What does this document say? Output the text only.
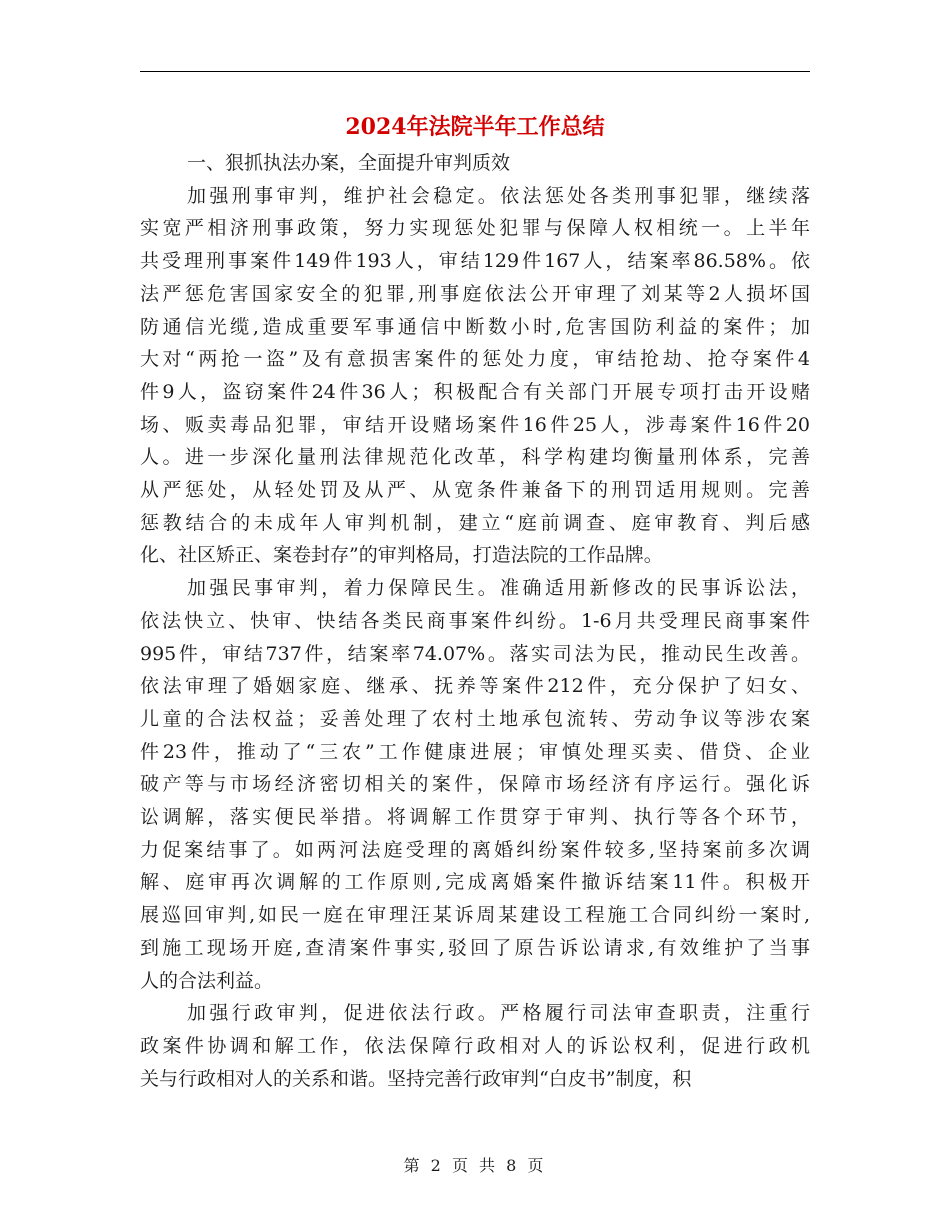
2024年法院半年工作总结

一、狠抓执法办案，全面提升审判质效

加强刑事审判，维护社会稳定。依法惩处各类刑事犯罪，继续落
实宽严相济刑事政策，努力实现惩处犯罪与保障人权相统一。上半年
共受理刑事案件149件193人，审结129件167人，结案率86.58%。依
法严惩危害国家安全的犯罪,刑事庭依法公开审理了刘某等2人损坏国
防通信光缆,造成重要军事通信中断数小时,危害国防利益的案件；加
大对“两抢一盗”及有意损害案件的惩处力度，审结抢劫、抢夺案件4
件9人，盗窃案件24件36人；积极配合有关部门开展专项打击开设赌
场、贩卖毒品犯罪，审结开设赌场案件16件25人，涉毒案件16件20
人。进一步深化量刑法律规范化改革，科学构建均衡量刑体系，完善
从严惩处，从轻处罚及从严、从宽条件兼备下的刑罚适用规则。完善
惩教结合的未成年人审判机制，建立“庭前调查、庭审教育、判后感
化、社区矫正、案卷封存”的审判格局，打造法院的工作品牌。
加强民事审判，着力保障民生。准确适用新修改的民事诉讼法，
依法快立、快审、快结各类民商事案件纠纷。1-6月共受理民商事案件
995件，审结737件，结案率74.07%。落实司法为民，推动民生改善。
依法审理了婚姻家庭、继承、抚养等案件212件，充分保护了妇女、
儿童的合法权益；妥善处理了农村土地承包流转、劳动争议等涉农案
件23件，推动了“三农”工作健康进展；审慎处理买卖、借贷、企业
破产等与市场经济密切相关的案件，保障市场经济有序运行。强化诉
讼调解，落实便民举措。将调解工作贯穿于审判、执行等各个环节，
力促案结事了。如两河法庭受理的离婚纠纷案件较多,坚持案前多次调
解、庭审再次调解的工作原则,完成离婚案件撤诉结案11件。积极开
展巡回审判,如民一庭在审理汪某诉周某建设工程施工合同纠纷一案时,
到施工现场开庭,查清案件事实,驳回了原告诉讼请求,有效维护了当事
人的合法利益。
加强行政审判，促进依法行政。严格履行司法审查职责，注重行
政案件协调和解工作，依法保障行政相对人的诉讼权利，促进行政机
关与行政相对人的关系和谐。坚持完善行政审判“白皮书”制度，积
第 2 页 共 8 页
